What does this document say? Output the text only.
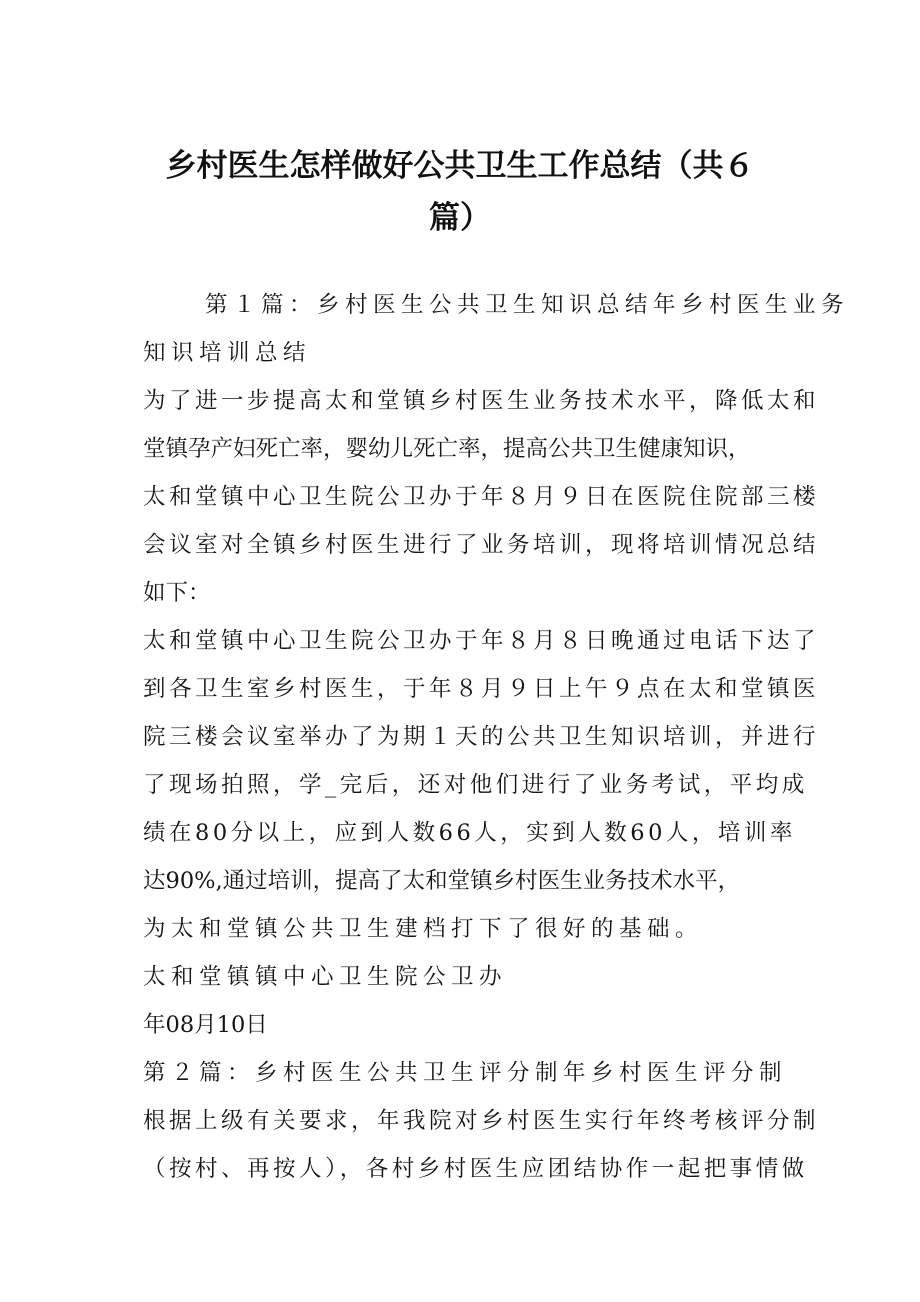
乡村医生怎样做好公共卫生工作总结（共６
篇）
第１篇：乡村医生公共卫生知识总结年乡村医生业务
知识培训总结
为了进一步提高太和堂镇乡村医生业务技术水平，降低太和
堂镇孕产妇死亡率，婴幼儿死亡率，提高公共卫生健康知识，
太和堂镇中心卫生院公卫办于年８月９日在医院住院部三楼
会议室对全镇乡村医生进行了业务培训，现将培训情况总结
如下：
太和堂镇中心卫生院公卫办于年８月８日晚通过电话下达了
到各卫生室乡村医生，于年８月９日上午９点在太和堂镇医
院三楼会议室举办了为期１天的公共卫生知识培训，并进行
了现场拍照，学_完后，还对他们进行了业务考试，平均成
绩在80分以上，应到人数66人，实到人数60人，培训率
达90%,通过培训，提高了太和堂镇乡村医生业务技术水平，
为太和堂镇公共卫生建档打下了很好的基础。
太和堂镇镇中心卫生院公卫办
年08月10日
第２篇：乡村医生公共卫生评分制年乡村医生评分制
根据上级有关要求，年我院对乡村医生实行年终考核评分制
（按村、再按人），各村乡村医生应团结协作一起把事情做
